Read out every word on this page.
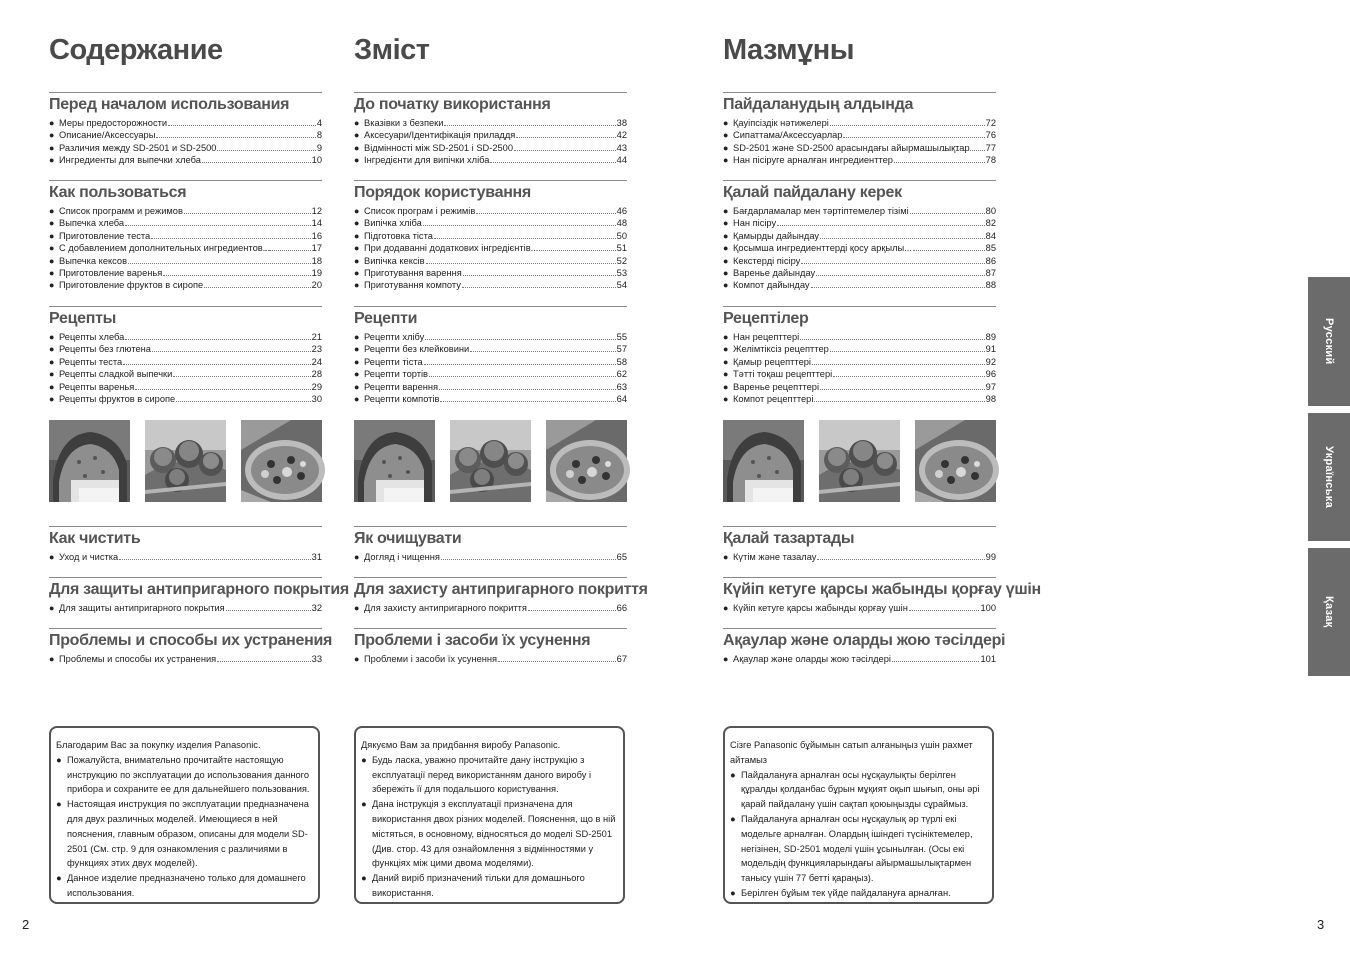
Содержание
Перед началом использования
● Меры предосторожности	4
● Описание/Аксессуары	8
● Различия между SD-2501 и SD-2500	9
● Ингредиенты для выпечки хлеба	10
Как пользоваться
● Список программ и режимов	12
● Выпечка хлеба	14
● Приготовление теста	16
● С добавлением дополнительных ингредиентов...	17
● Выпечка кексов	18
● Приготовление варенья	19
● Приготовление фруктов в сиропе	20
Рецепты
● Рецепты хлеба	21
● Рецепты без глютена	23
● Рецепты теста	24
● Рецепты сладкой выпечки	28
● Рецепты варенья	29
● Рецепты фруктов в сиропе	30
Как чистить
● Уход и чистка	31
Для защиты антипригарного покрытия
● Для защиты антипригарного покрытия	32
Проблемы и способы их устранения
● Проблемы и способы их устранения	33

Благодарим Вас за покупку изделия Panasonic.

● Пожалуйста, внимательно прочитайте настоящую инструкцию по эксплуатации до использования данного прибора и сохраните ее для дальнейшего пользования.
● Настоящая инструкция по эксплуатации предназначена для двух различных моделей. Имеющиеся в ней пояснения, главным образом, описаны для модели SD-2501 (См. стр. 9 для ознакомления с различиями в функциях этих двух моделей).
● Данное изделие предназначено только для домашнего использования.
Зміст
До початку використання
● Вказівки з безпеки	38
● Аксесуари/Ідентифікація приладдя	42
● Відмінності між SD-2501 і SD-2500	43
● Інгредієнти для випічки хліба	44
Порядок користування
● Список програм і режимів	46
● Випічка хліба	48
● Підготовка тіста	50
● При додаванні додаткових інгредієнтів...	51
● Випічка кексів	52
● Приготування варення	53
● Приготування компоту	54
Рецепти
● Рецепти хлібу	55
● Рецепти без клейковини	57
● Рецепти тіста	58
● Рецепти тортів	62
● Рецепти варення	63
● Рецепти компотів	64
Як очищувати
● Догляд і чищення	65
Для захисту антипригарного покриття
● Для захисту антипригарного покриття	66
Проблеми і засоби їх усунення
● Проблеми і засоби їх усунення	67

Дякуємо Вам за придбання виробу Panasonic.

● Будь ласка, уважно прочитайте дану інструкцію з експлуатації перед використанням даного виробу і збережіть її для подальшого користування.
● Дана інструкція з експлуатації призначена для використання двох різних моделей. Пояснення, що в ній містяться, в основному, відносяться до моделі SD-2501 (Див. стор. 43 для ознайомлення з відмінностями у функціях між цими двома моделями).
● Даний виріб призначений тільки для домашнього використання.
Мазмұны
Пайдаланудың алдында
● Қауіпсіздік нәтижелері	72
● Сипаттама/Аксессуарлар	76
● SD-2501 және SD-2500 арасындағы айырмашылықтар 77
● Нан пісіруге арналған ингредиенттер	78
Қалай пайдалану керек
● Бағдарламалар мен тәртіптемелер тізімі	80
● Нан пісіру	82
● Қамырды дайындау	84
● Қосымша ингредиенттерді қосу арқылы...	85
● Кекстерді пісіру	86
● Варенье дайындау	87
● Компот дайындау	88
Рецептілер
● Нан рецепттері	89
● Желімтіксіз рецепттер	91
● Қамыр рецепттері	92
● Тәтті тоқаш рецепттері	96
● Варенье рецепттері	97
● Компот рецепттері	98
Қалай тазартады
● Күтім және тазалау	99
Күйіп кетуге қарсы жабынды қорғау үшін
● Күйіп кетуге қарсы жабынды қорғау үшін	100
Ақаулар және оларды жою тәсілдері
● Ақаулар және оларды жою тәсілдері	101

Сізге Panasonic бұйымын сатып алғаныңыз үшін рахмет айтамыз

● Пайдалануға арналған осы нұсқаулықты берілген құралды қолданбас бұрын мұқият оқып шығып, оны әрі қарай пайдалану үшін сақтап қоюыңызды сұраймыз.
● Пайдалануға арналған осы нұсқаулық әр түрлі екі модельге арналған. Олардың ішіндегі түсініктемелер, негізінен, SD-2501 моделі үшін ұсынылған. (Осы екі модельдің функцияларындағы айырмашылықтармен танысу үшін 77 бетті қараңыз).
● Берілген бұйым тек үйде пайдалануға арналған.
2	3
Русский
Українська
Қазақ
